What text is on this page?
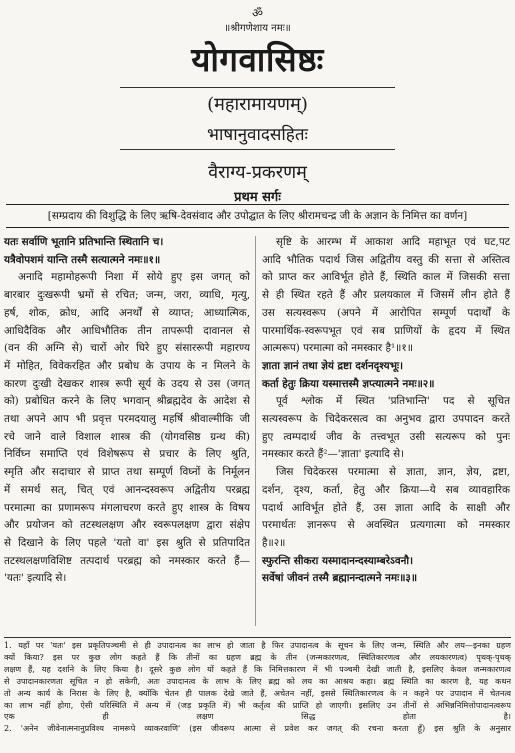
ॐ
॥श्रीगणेशाय नमः॥
योगवासिष्ठः
(महारामायणम्)
भाषानुवादसहितः
वैराग्य-प्रकरणम्
प्रथम सर्गः
[सम्प्रदाय की विशुद्धि के लिए ऋषि-देवसंवाद और उपोद्घात के लिए श्रीरामचन्द्र जी के अज्ञान के निमित्त का वर्णन]

यतः सर्वाणि भूतानि प्रतिभान्ति स्थितानि च।

यत्रैवोपशमं यान्ति तस्मै सत्यात्मने नमः॥१॥

अनादि महामोहरूपी निशा में सोये हुए इस जगत् को

बारबार दुःखरूपी भ्रमों से रचित; जन्म, जरा, व्याधि, मृत्यु,

हर्ष, शोक, क्रोध, आदि अनर्थों से व्याप्त; आध्यात्मिक,

आधिदैविक और आधिभौतिक तीन तापरूपी दावानल से

(वन की अग्नि से) चारों ओर घिरे हुए संसाररूपी महारण्य

में मोहित, विवेकरहित और प्रबोध के उपाय के न मिलने के

कारण दुःखी देखकर शास्त्र रूपी सूर्य के उदय से उस (जगत्

को) प्रबोधित करने के लिए भगवान् श्रीब्रह्मदेव के आदेश से

तथा अपने आप भी प्रवृत्त परमदयालु महर्षि श्रीवाल्मीकि जी

रचे जाने वाले विशाल शास्त्र की (योगवसिष्ठ ग्रन्थ की)

निर्विघ्न समाप्ति एवं विशेषरूप से प्रचार के लिए श्रुति,

स्मृति और सदाचार से प्राप्त तथा सम्पूर्ण विघ्नों के निर्मूलन

में समर्थ सत्, चित् एवं आनन्दस्वरूप अद्वितीय परब्रह्म

परमात्मा का प्रणामरूप मंगलाचरण करते हुए शास्त्र के विषय

और प्रयोजन को तटस्थलक्षण और स्वरूपलक्षण द्वारा संक्षेप

से दिखाने के लिए पहले 'यतो वा' इस श्रुति से प्रतिपादित

तटस्थलक्षणविशिष्ट तत्पदार्थ परब्रह्म को नमस्कार करते हैं—

'यतः' इत्यादि से।

सृष्टि के आरम्भ में आकाश आदि महाभूत एवं घट,पट

आदि भौतिक पदार्थ जिस अद्वितीय वस्तु की सत्ता से अस्तित्व

को प्राप्त कर आविर्भूत होते हैं, स्थिति काल में जिसकी सत्ता

से ही स्थित रहते हैं और प्रलयकाल में जिसमें लीन होते हैं

उस सत्यस्वरूप (अपने में आरोपित सम्पूर्ण पदार्थों के

पारमार्थिक-स्वरूपभूत एवं सब प्राणियों के हृदय में स्थित

आत्मरूप) परमात्मा को नमस्कार है¹॥१॥

ज्ञाता ज्ञानं तथा ज्ञेयं द्रष्टा दर्शनदृश्यभूः।

कर्ता हेतुः क्रिया यस्मात्तस्मै ज्ञप्त्यात्मने नमः॥२॥

पूर्व श्लोक में स्थित 'प्रतिभान्ति' पद से सूचित

सत्यस्वरूप के चिदेकरसत्व का अनुभव द्वारा उपपादन करते

हुए त्वम्पदार्थ जीव के तत्त्वभूत उसी सत्यरूप को पुनः

नमस्कार करते हैं²—'ज्ञाता' इत्यादि से।

जिस चिदेकरस परमात्मा से ज्ञाता, ज्ञान, ज्ञेय, द्रष्टा,

दर्शन, दृश्य, कर्ता, हेतु और क्रिया—ये सब व्यावहारिक

पदार्थ आविर्भूत होते हैं, उस ज्ञाता आदि के साक्षी और

परमार्थतः ज्ञानरूप से अवस्थित प्रत्यगात्मा को नमस्कार

है॥२॥

स्फुरन्ति सीकरा यस्मादानन्दस्याम्बरेऽवनौ।

सर्वेषां जीवनं तस्मै ब्रह्मानन्दात्मने नमः॥३॥

1. यहाँ पर 'यतः' इस प्रकृतिपञ्चमी से ही उपादानत्व का लाभ हो जाता है फिर उपादानत्व के सूचन के लिए जन्म, स्थिति और लय—इनका ग्रहण

क्यों किया? इस पर कुछ लोग कहते हैं कि तीनों का ग्रहण ब्रह्म के तीन (जन्मकारणत्व, स्थितिकारणत्व और लयकारणत्व) पृथक्-पृथक्

लक्षण हैं, यह दर्शाने के लिए किया है। दूसरे कुछ लोग यों कहते हैं कि निमित्तकारण में भी पञ्चमी देखी जाती है, इसलिए केवल जन्मकारणत्व

से उपादानकारणता सूचित न हो सकेगी, अतः उपादानत्व के लाभ के लिए ब्रह्म को लय का आश्रय कहा। ब्रह्म स्थिति का कारण है, यह कथन

तो अन्य कार्य के निरास के लिए है, क्योंकि चेतन ही पालक देखे जाते हैं, अचेतन नहीं, इससे स्थितिकारणत्व के न कहने पर उपादान में चेतनत्व

का लाभ नहीं होगा, ऐसी परिस्थिति में अन्य में (जड़ प्रकृति में) भी कर्तृत्व की प्राप्ति हो जाएगी। इसलिए उन तीनों से अभिन्ननिमित्तोपादानत्वरूप

एक ही लक्षण सिद्ध होता है।

2. 'अनेन जीवेनात्मनानुप्रविश्य नामरूपे व्याकरवाणि' (इस जीवरूप आत्मा से प्रवेश कर जगत् की रचना करता हूँ) इस श्रुति के अनुसार
